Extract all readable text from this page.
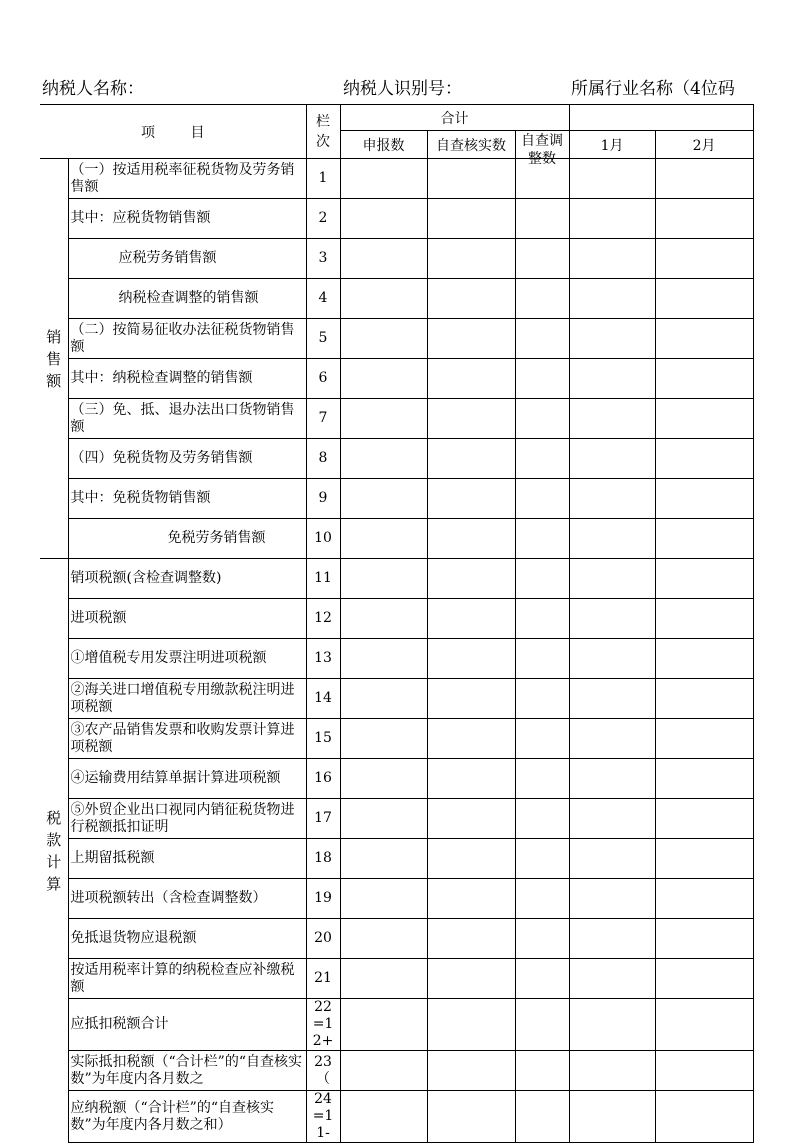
纳税人名称：	纳税人识别号：	所属行业名称（4位码
项        目		栏次	合计				
			申报数	自查核实数	自查调整数	1月	2月
销售额	（一）按适用税率征税货物及劳务销售额	1					

	其中：应税货物销售额	2					

	应税劳务销售额	3					

	纳税检查调整的销售额	4					

	（二）按简易征收办法征税货物销售额	5					

	其中：纳税检查调整的销售额	6					

	（三）免、抵、退办法出口货物销售额	7					

	（四）免税货物及劳务销售额	8					

	其中：免税货物销售额	9					

	免税劳务销售额	10					
税款计算	销项税额(含检查调整数)	11					

	进项税额	12					

	①增值税专用发票注明进项税额	13					

	②海关进口增值税专用缴款税注明进项税额	14					

	③农产品销售发票和收购发票计算进项税额	15					

	④运输费用结算单据计算进项税额	16					

	⑤外贸企业出口视同内销征税货物进行税额抵扣证明	17					

	上期留抵税额	18					

	进项税额转出（含检查调整数）	19					

	免抵退货物应退税额	20					

	按适用税率计算的纳税检查应补缴税额	21					

	应抵扣税额合计	22=12+					

	实际抵扣税额（“合计栏”的“自查核实数”为年度内各月数之	23（					

	应纳税额（“合计栏”的“自查核实数”为年度内各月数之和）	24=11-					
